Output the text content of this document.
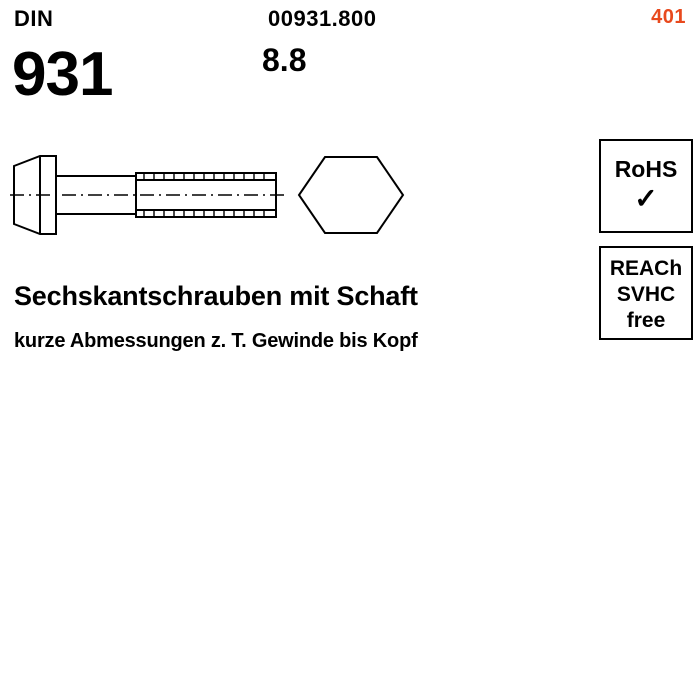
DIN	00931.800	401
931	8.8
Sechskantschrauben mit Schaft
kurze Abmessungen z. T. Gewinde bis Kopf
RoHS
✓
REACh
SVHC
free
